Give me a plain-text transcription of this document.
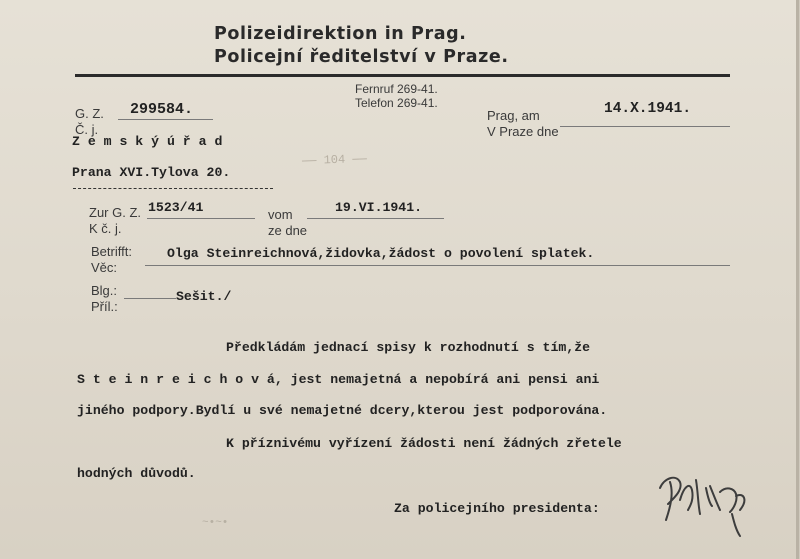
Polizeidirektion in Prag.
Policejní ředitelství v Praze.
Fernruf 269-41.
Telefon 269-41.
G. Z. 299584.
Č. j.
Prag, am
V Praze dne
14.X.1941.
Z e m s k ý ú ř a d
Prana XVI.Tylova 20.
Zur G. Z. 1523/41
K č. j.
vom
ze dne
19.VI.1941.
Betrifft:
Věc:
Olga Steinreichnová,židovka,žádost o povolení splatek.
Blg.:
Příl.:
Sešit./
—— 104 ——
Předkládám jednací spisy k rozhodnutí s tím,že
S t e i n r e i c h o v á, jest nemajetná a nepobírá ani pensi ani
jiného podpory.Bydlí u své nemajetné dcery,kterou jest podporována.
K příznivému vyřízení žádosti není žádných zřetele
hodných důvodů.
Za policejního presidenta:
~•~•
